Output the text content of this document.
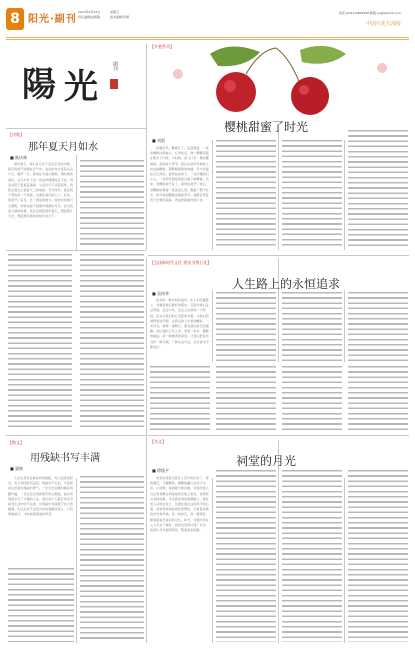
8 阳光·副刊
2023年6月16日	星期五
责任编辑/赵智聪	美术编辑/李慧
电话:(0312)4829098 邮箱:yqgh@sina.com
中国石化石油报
陽 光
副刊
【诗歌】
那年夏天月如水
■ 陈庆林
那年夏天，我们在月光下走过长长的田埂，稻花的香气弥漫在空气中。远处的村庄亮着点点灯火，蛙声一片，像是在为我们唱歌。那时候的我们，总以为日子会一直这样慢慢地走下去。母亲在院子里摇着蒲扇，父亲在灯下读着报纸，我趴在窗台上数着天上的星星。月光如水，洒在院子里的每一个角落，也洒在我们的心上。后来，我离开了家乡，去了很远的地方。城市的夜晚灯火通明，却再也看不到那样清澈的月光。每当夜深人静的时候，我总会想起那年夏天，想起那片月光，想起那些简单而快乐的日子。
【散文】
用残缺书写丰满
■ 梁林
人生总是有各种各样的残缺，有人因此而消沉，有人却因此而奋起。残缺并不可怕，可怕的是失去面对残缺的勇气。一位失去双臂的画家用脚作画，一位双目失明的歌手用心歌唱，他们用残缺书写了丰满的人生。我们每个人都应该学会接受生活中的不完美，在残缺中寻找属于自己的圆满。生活从来不会因为你的残缺而停止，只有勇敢前行，才能看到更美的风景。
【乡愁系列】
樱桃甜蜜了时光
■ 刘凯
初夏时节，樱桃红了。走进果园，一串串樱桃挂满枝头，红得发亮，像一颗颗玛瑙在阳光下闪烁。小时候，家门口有一棵老樱桃树，每到这个季节，我们总是早早地爬上树去摘樱桃。那酸酸甜甜的味道，至今仍留在记忆深处。祖母站在树下，一边叮嘱我们小心，一边用竹篮接着我们摘下的樱桃。后来，老樱桃树不在了，祖母也离开了我们，但樱桃的甜蜜一直留在心里，甜蜜了整个时光。如今每到樱桃成熟的季节，我都会带着孩子去果园采摘，把这份甜蜜传递下去。
【弘扬新时代文化 建设书香石化】
人生路上的永恒追求
■ 袁伟华
读书是一种永恒的追求。在人生的道路上，书籍是我们最好的朋友。它陪伴我们走过青春，走过中年，走过人生的每一个阶段。读书让我们的心灵更加丰富，让我们的视野更加开阔，让我们的人生更加精彩。一本好书，就像一盏明灯，照亮我们前行的道路。在忙碌的工作之余，拿起一本书，静静地阅读，是一种难得的享受。让我们把读书当作一种习惯，一种生活方式，在书香中不断成长。
【杂文】
祠堂的月光
■ 徐俊平
老家的祠堂已经有上百年的历史了，青砖黛瓦，飞檐翘角，静静地矗立在村子中央。小时候，每到夏天的夜晚，村里的老人们总喜欢聚在祠堂前的空地上乘凉，讲那些古老的故事。月光洒在祠堂的屋檐上，洒在老人们的白发上，也洒在我们这些孩子的心里。祠堂里供奉着祖先的牌位，记录着家族的历史和传承。每一块砖瓦，每一根梁柱，都承载着先辈们的记忆。如今，村里的年轻人大多去了城市，祠堂也变得冷清了许多，但那片月光依然明亮，照着回家的路。
